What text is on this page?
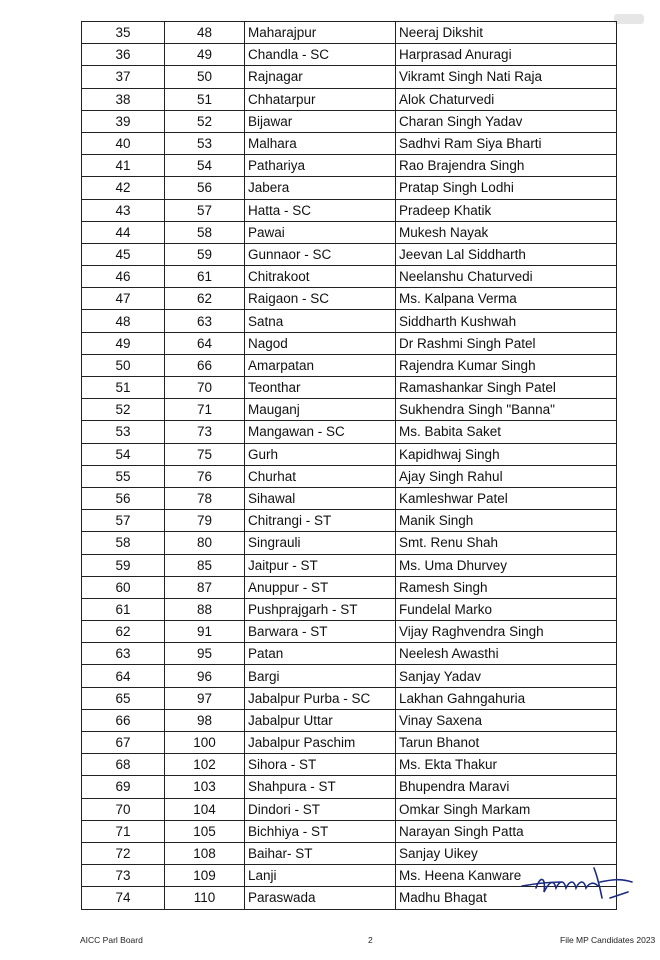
35	48	Maharajpur	Neeraj Dikshit
36	49	Chandla - SC	Harprasad Anuragi
37	50	Rajnagar	Vikramt Singh Nati Raja
38	51	Chhatarpur	Alok Chaturvedi
39	52	Bijawar	Charan Singh Yadav
40	53	Malhara	Sadhvi Ram Siya Bharti
41	54	Pathariya	Rao Brajendra Singh
42	56	Jabera	Pratap Singh Lodhi
43	57	Hatta - SC	Pradeep Khatik
44	58	Pawai	Mukesh Nayak
45	59	Gunnaor - SC	Jeevan Lal Siddharth
46	61	Chitrakoot	Neelanshu Chaturvedi
47	62	Raigaon - SC	Ms. Kalpana Verma
48	63	Satna	Siddharth Kushwah
49	64	Nagod	Dr Rashmi Singh Patel
50	66	Amarpatan	Rajendra Kumar Singh
51	70	Teonthar	Ramashankar Singh Patel
52	71	Mauganj	Sukhendra Singh "Banna"
53	73	Mangawan - SC	Ms. Babita Saket
54	75	Gurh	Kapidhwaj Singh
55	76	Churhat	Ajay Singh Rahul
56	78	Sihawal	Kamleshwar Patel
57	79	Chitrangi - ST	Manik Singh
58	80	Singrauli	Smt. Renu Shah
59	85	Jaitpur - ST	Ms. Uma Dhurvey
60	87	Anuppur - ST	Ramesh Singh
61	88	Pushprajgarh - ST	Fundelal Marko
62	91	Barwara - ST	Vijay Raghvendra Singh
63	95	Patan	Neelesh Awasthi
64	96	Bargi	Sanjay Yadav
65	97	Jabalpur Purba - SC	Lakhan Gahngahuria
66	98	Jabalpur Uttar	Vinay Saxena
67	100	Jabalpur Paschim	Tarun Bhanot
68	102	Sihora - ST	Ms. Ekta Thakur
69	103	Shahpura - ST	Bhupendra Maravi
70	104	Dindori - ST	Omkar Singh Markam
71	105	Bichhiya - ST	Narayan Singh Patta
72	108	Baihar- ST	Sanjay Uikey
73	109	Lanji	Ms. Heena Kanware
74	110	Paraswada	Madhu Bhagat
AICC Parl Board	2	File MP Candidates 2023
